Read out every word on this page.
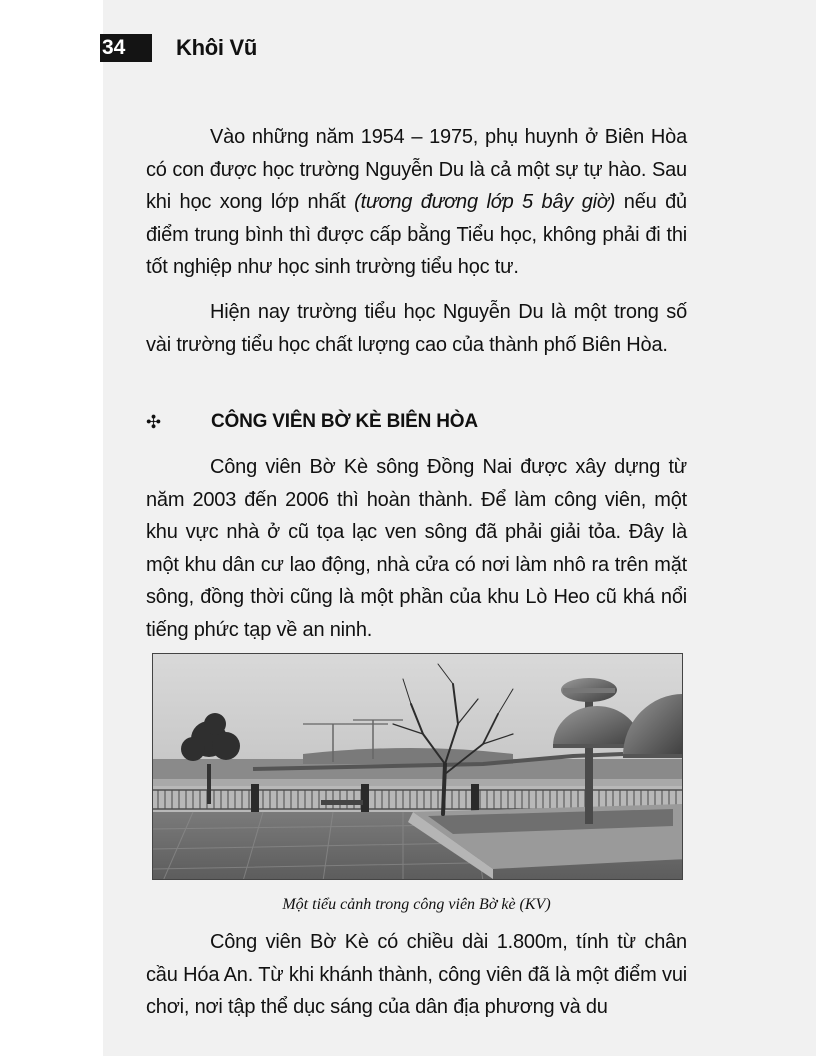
34	Khôi Vũ

Vào những năm 1954 – 1975, phụ huynh ở Biên Hòa có con được học trường Nguyễn Du là cả một sự tự hào. Sau khi học xong lớp nhất (tương đương lớp 5 bây giờ) nếu đủ điểm trung bình thì được cấp bằng Tiểu học, không phải đi thi tốt nghiệp như học sinh trường tiểu học tư.

Hiện nay trường tiểu học Nguyễn Du là một trong số vài trường tiểu học chất lượng cao của thành phố Biên Hòa.

✣	CÔNG VIÊN BỜ KÈ BIÊN HÒA

Công viên Bờ Kè sông Đồng Nai được xây dựng từ năm 2003 đến 2006 thì hoàn thành. Để làm công viên, một khu vực nhà ở cũ tọa lạc ven sông đã phải giải tỏa. Đây là một khu dân cư lao động, nhà cửa có nơi làm nhô ra trên mặt sông, đồng thời cũng là một phần của khu Lò Heo cũ khá nổi tiếng phức tạp về an ninh.

Một tiểu cảnh trong công viên Bờ kè (KV)

Công viên Bờ Kè có chiều dài 1.800m, tính từ chân cầu Hóa An. Từ khi khánh thành, công viên đã là một điểm vui chơi, nơi tập thể dục sáng của dân địa phương và du
